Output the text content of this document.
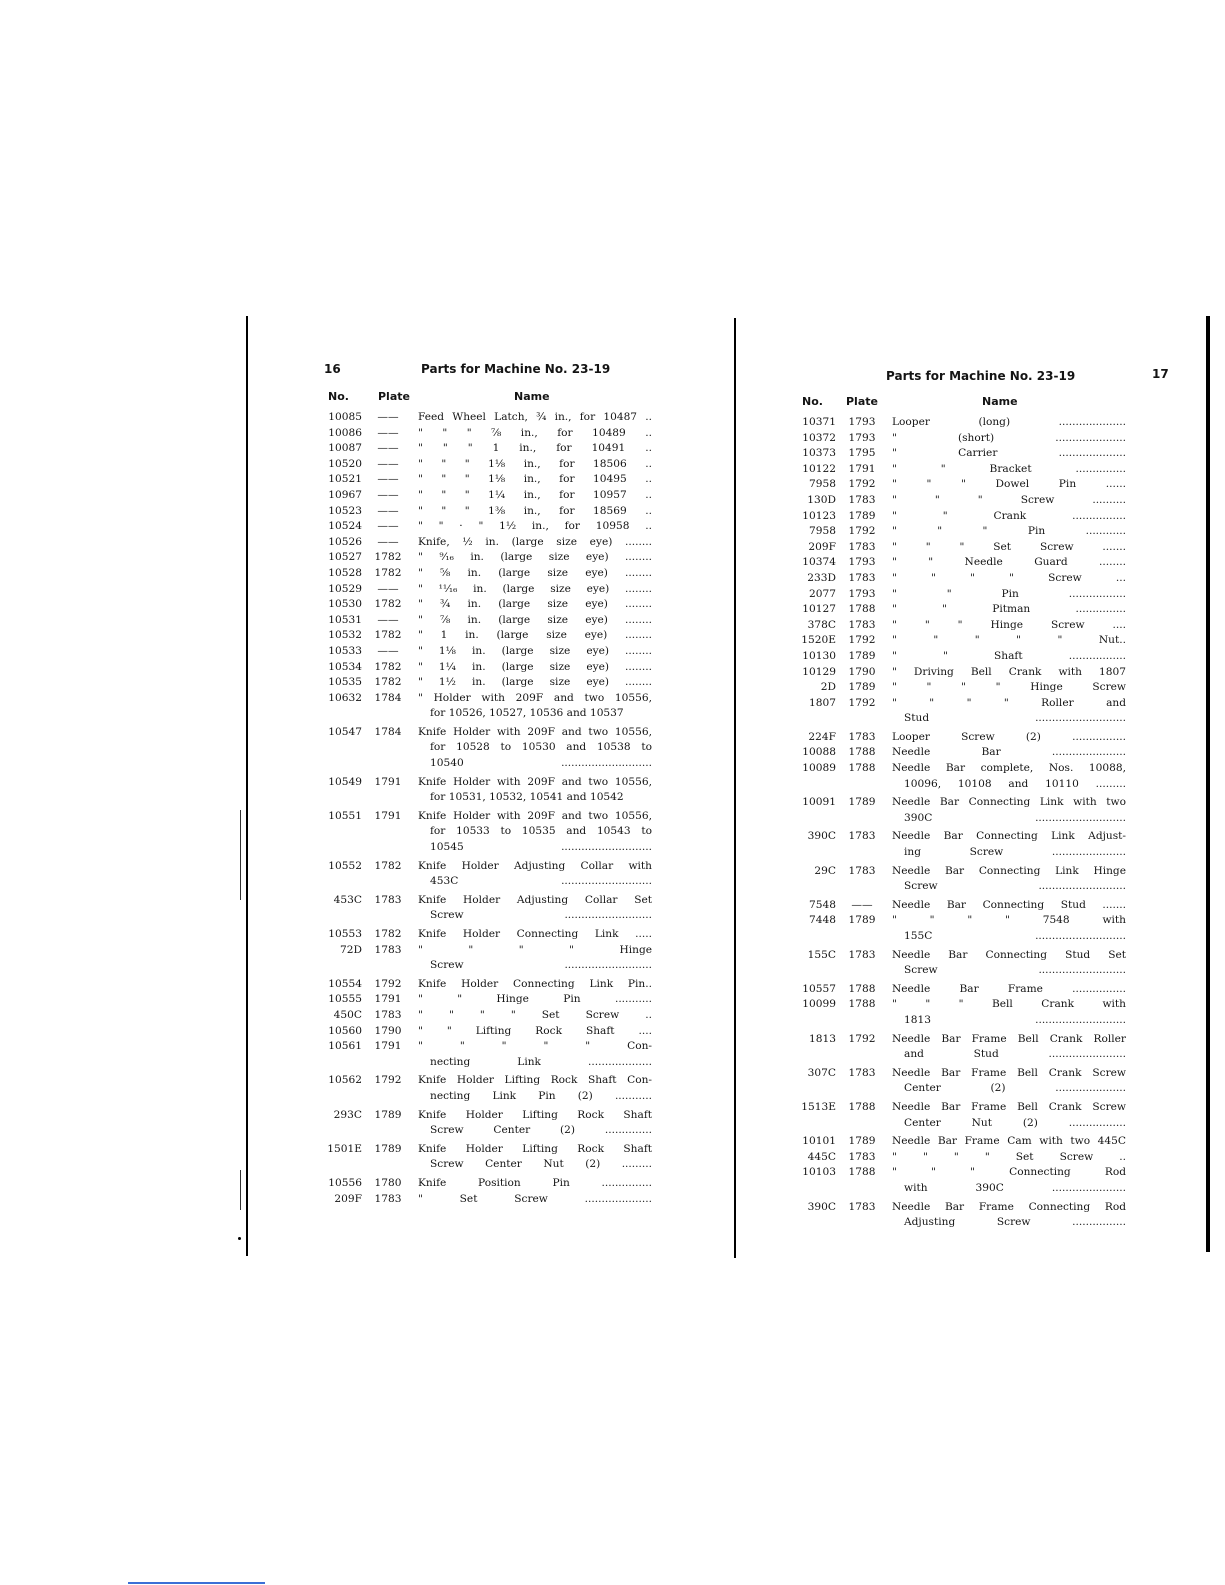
16	Parts for Machine No. 23-19
No.	Plate	Name
10085	——	Feed Wheel Latch, ¾ in., for 10487 ..
10086	——	" " " ⅞ in., for 10489 ..
10087	——	" " " 1 in., for 10491 ..
10520	——	" " " 1⅛ in., for 18506 ..
10521	——	" " " 1⅛ in., for 10495 ..
10967	——	" " " 1¼ in., for 10957 ..
10523	——	" " " 1⅜ in., for 18569 ..
10524	——	" " · " 1½ in., for 10958 ..
10526	——	Knife, ½ in. (large size eye) ........
10527 1782 " ⁹⁄₁₆ in. (large size eye) ........
10528 1782 " ⅝ in. (large size eye) ........
10529	——	" ¹¹⁄₁₆ in. (large size eye) ........
10530 1782 " ¾ in. (large size eye) ........
10531	——	" ⅞ in. (large size eye) ........
10532 1782 " 1 in. (large size eye) ........
10533	——	" 1⅛ in. (large size eye) ........
10534 1782 " 1¼ in. (large size eye) ........
10535 1782 " 1½ in. (large size eye) ........
10632 1784 " Holder with 209F and two 10556,
for 10526, 10527, 10536 and 10537
10547 1784 Knife Holder with 209F and two 10556,
for 10528 to 10530 and 10538 to
10540 ...........................
10549 1791 Knife Holder with 209F and two 10556,
for 10531, 10532, 10541 and 10542
10551 1791 Knife Holder with 209F and two 10556,
for 10533 to 10535 and 10543 to
10545 ...........................
10552 1782 Knife Holder Adjusting Collar with
453C ...........................
453C 1783 Knife Holder Adjusting Collar Set
Screw ..........................
10553 1782 Knife Holder Connecting Link .....
72D 1783 " " " " Hinge
Screw ..........................
10554 1792 Knife Holder Connecting Link Pin..
10555 1791 " " Hinge Pin ...........
450C 1783 " " " " Set Screw ..
10560 1790 " " Lifting Rock Shaft ....
10561 1791 " " " " " Con-
necting Link ...................
10562 1792 Knife Holder Lifting Rock Shaft Con-
necting Link Pin (2) ...........
293C 1789 Knife Holder Lifting Rock Shaft
Screw Center (2) ..............
1501E 1789 Knife Holder Lifting Rock Shaft
Screw Center Nut (2) .........
10556 1780 Knife Position Pin ...............
209F 1783 " Set Screw ....................
Parts for Machine No. 23-19	17
No. Plate	Name
10371 1793 Looper (long) ....................
10372 1793 " (short) .....................
10373 1795 " Carrier ....................
10122 1791 " " Bracket ...............
7958 1792 " " " Dowel Pin ......
130D 1783 " " " Screw ..........
10123 1789 " " Crank ................
7958 1792 " " " Pin ............
209F 1783 " " " Set Screw .......
10374 1793 " " Needle Guard ........
233D 1783 " " " " Screw ...
2077 1793 " " Pin .................
10127 1788 " " Pitman ...............
378C 1783 " " " Hinge Screw ....
1520E 1792 " " " " " Nut..
10130 1789 " " Shaft .................
10129 1790 " Driving Bell Crank with 1807
2D 1789 " " " " Hinge Screw
1807 1792 " " " " Roller and
Stud ...........................
224F 1783 Looper Screw (2) ................
10088 1788 Needle Bar ......................
10089 1788 Needle Bar complete, Nos. 10088,
10096, 10108 and 10110 .........
10091 1789 Needle Bar Connecting Link with two
390C ...........................
390C 1783 Needle Bar Connecting Link Adjust-
ing Screw ......................
29C 1783 Needle Bar Connecting Link Hinge
Screw ..........................
7548	——	Needle Bar Connecting Stud .......
7448 1789 " " " " 7548 with
155C ...........................
155C 1783 Needle Bar Connecting Stud Set
Screw ..........................
10557 1788 Needle Bar Frame ................
10099 1788 " " " Bell Crank with
1813 ...........................
1813 1792 Needle Bar Frame Bell Crank Roller
and Stud .......................
307C 1783 Needle Bar Frame Bell Crank Screw
Center (2) .....................
1513E 1788 Needle Bar Frame Bell Crank Screw
Center Nut (2) .................
10101 1789 Needle Bar Frame Cam with two 445C
445C 1783 " " " " Set Screw ..
10103 1788 " " " Connecting Rod
with 390C ......................
390C 1783 Needle Bar Frame Connecting Rod
Adjusting Screw ................
